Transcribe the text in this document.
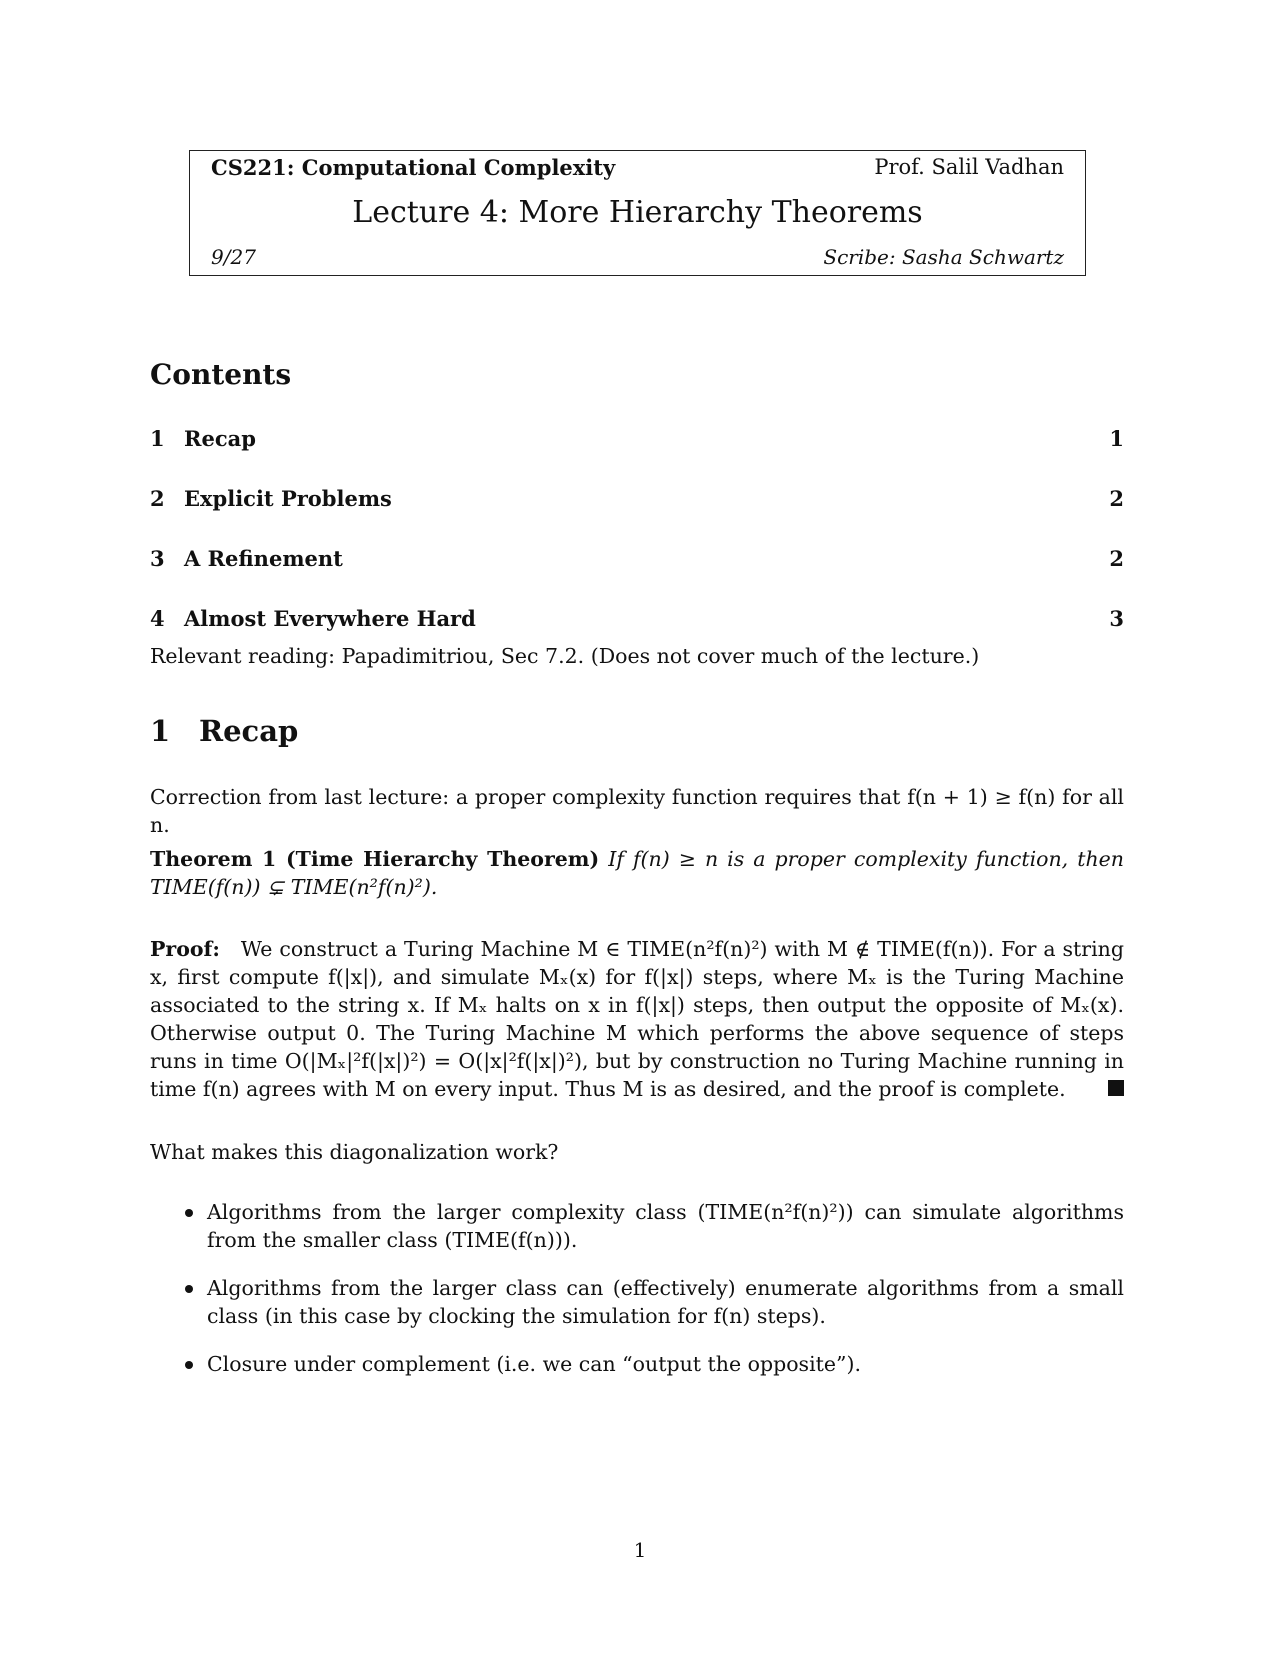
CS221: Computational Complexity	Prof. Salil Vadhan
Lecture 4: More Hierarchy Theorems
9/27	Scribe: Sasha Schwartz
Contents
1 Recap	1
2 Explicit Problems	2
3 A Refinement	2
4 Almost Everywhere Hard	3
Relevant reading: Papadimitriou, Sec 7.2. (Does not cover much of the lecture.)
1 Recap
Correction from last lecture: a proper complexity function requires that f(n + 1) ≥ f(n) for all n.
Theorem 1 (Time Hierarchy Theorem) If f(n) ≥ n is a proper complexity function, then TIME(f(n)) ⊊ TIME(n²f(n)²).
Proof: We construct a Turing Machine M ∈ TIME(n²f(n)²) with M ∉ TIME(f(n)). For a string x, first compute f(|x|), and simulate Mₓ(x) for f(|x|) steps, where Mₓ is the Turing Machine associated to the string x. If Mₓ halts on x in f(|x|) steps, then output the opposite of Mₓ(x). Otherwise output 0. The Turing Machine M which performs the above sequence of steps runs in time O(|Mₓ|²f(|x|)²) = O(|x|²f(|x|)²), but by construction no Turing Machine running in time f(n) agrees with M on every input. Thus M is as desired, and the proof is complete.
What makes this diagonalization work?
Algorithms from the larger complexity class (TIME(n²f(n)²)) can simulate algorithms from the smaller class (TIME(f(n))).
Algorithms from the larger class can (effectively) enumerate algorithms from a small class (in this case by clocking the simulation for f(n) steps).
Closure under complement (i.e. we can “output the opposite”).
1
